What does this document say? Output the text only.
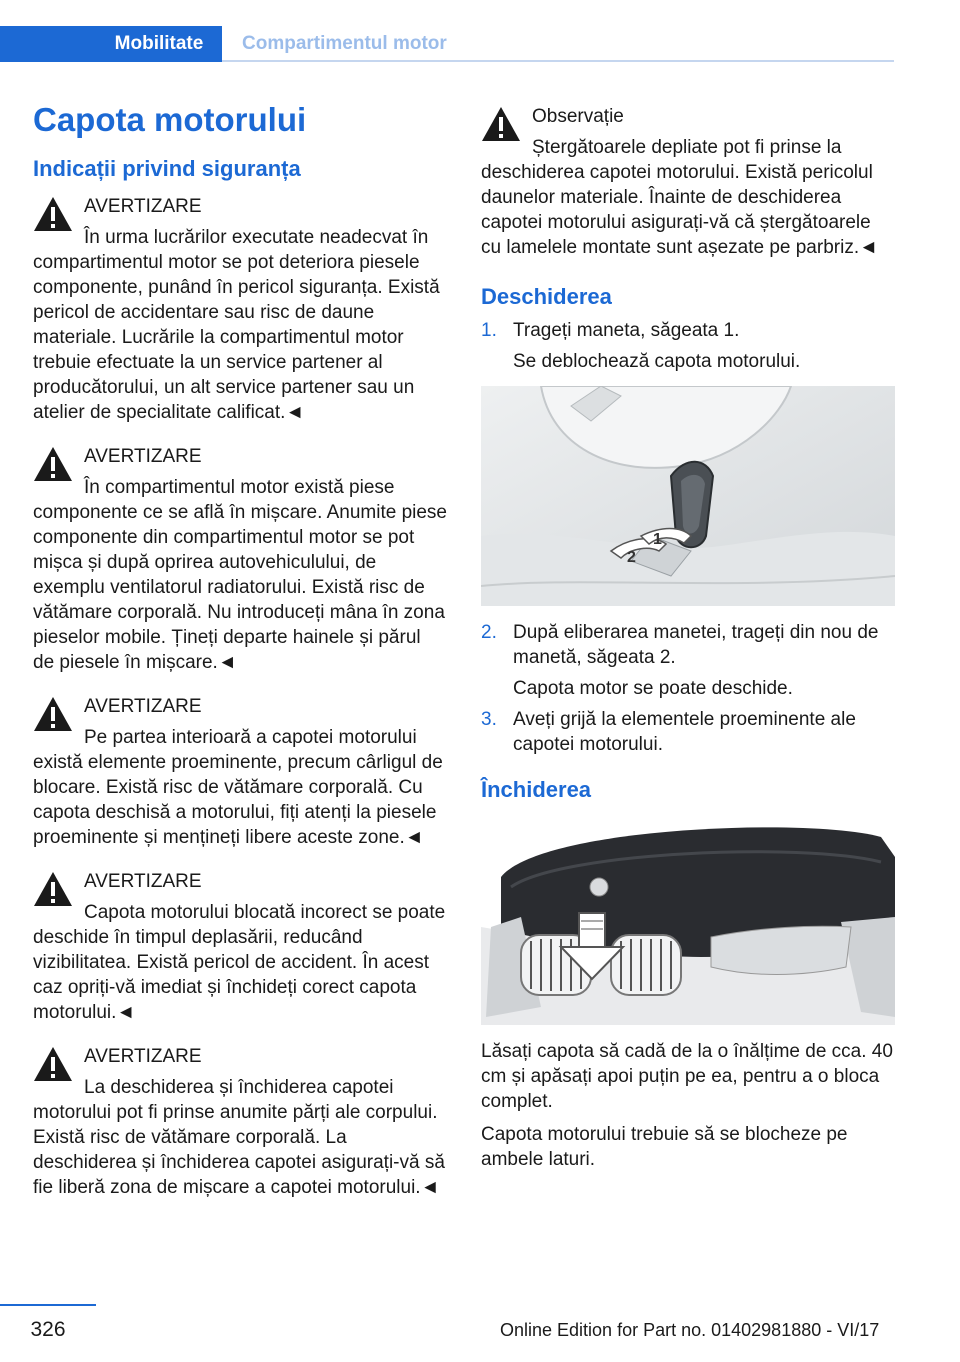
Mobilitate	Compartimentul motor
Capota motorului
Indicații privind siguranța
AVERTIZARE
În urma lucrărilor executate neadecvat în compartimentul motor se pot deteriora piesele componente, punând în pericol siguranța. Există pericol de accidentare sau risc de daune materiale. Lucrările la compartimentul motor trebuie efectuate la un service partener al producătorului, un alt service partener sau un atelier de specialitate calificat.◄
AVERTIZARE
În compartimentul motor există piese componente ce se află în mișcare. Anumite piese componente din compartimentul motor se pot mișca și după oprirea autovehiculului, de exemplu ventilatorul radiatorului. Există risc de vătămare corporală. Nu introduceți mâna în zona pieselor mobile. Țineți departe hainele și părul de piesele în mișcare.◄
AVERTIZARE
Pe partea interioară a capotei motorului există elemente proeminente, precum cârligul de blocare. Există risc de vătămare corporală. Cu capota deschisă a motorului, fiți atenți la piesele proeminente și mențineți libere aceste zone.◄
AVERTIZARE
Capota motorului blocată incorect se poate deschide în timpul deplasării, reducând vizibilitatea. Există pericol de accident. În acest caz opriți-vă imediat și închideți corect capota motorului.◄
AVERTIZARE
La deschiderea și închiderea capotei motorului pot fi prinse anumite părți ale corpului. Există risc de vătămare corporală. La deschiderea și închiderea capotei asigurați-vă să fie liberă zona de mișcare a capotei motorului.◄
Observație
Ștergătoarele depliate pot fi prinse la deschiderea capotei motorului. Există pericolul daunelor materiale. Înainte de deschiderea capotei motorului asigurați-vă că ștergătoarele cu lamelele montate sunt așezate pe parbriz.◄
Deschiderea
1. Trageți maneta, săgeata 1.
Se deblochează capota motorului.
2
1
2. După eliberarea manetei, trageți din nou de manetă, săgeata 2.
Capota motor se poate deschide.
3. Aveți grijă la elementele proeminente ale capotei motorului.
Închiderea
Lăsați capota să cadă de la o înălțime de cca. 40 cm și apăsați apoi puțin pe ea, pentru a o bloca complet.
Capota motorului trebuie să se blocheze pe ambele laturi.
326	Online Edition for Part no. 01402981880 - VI/17
